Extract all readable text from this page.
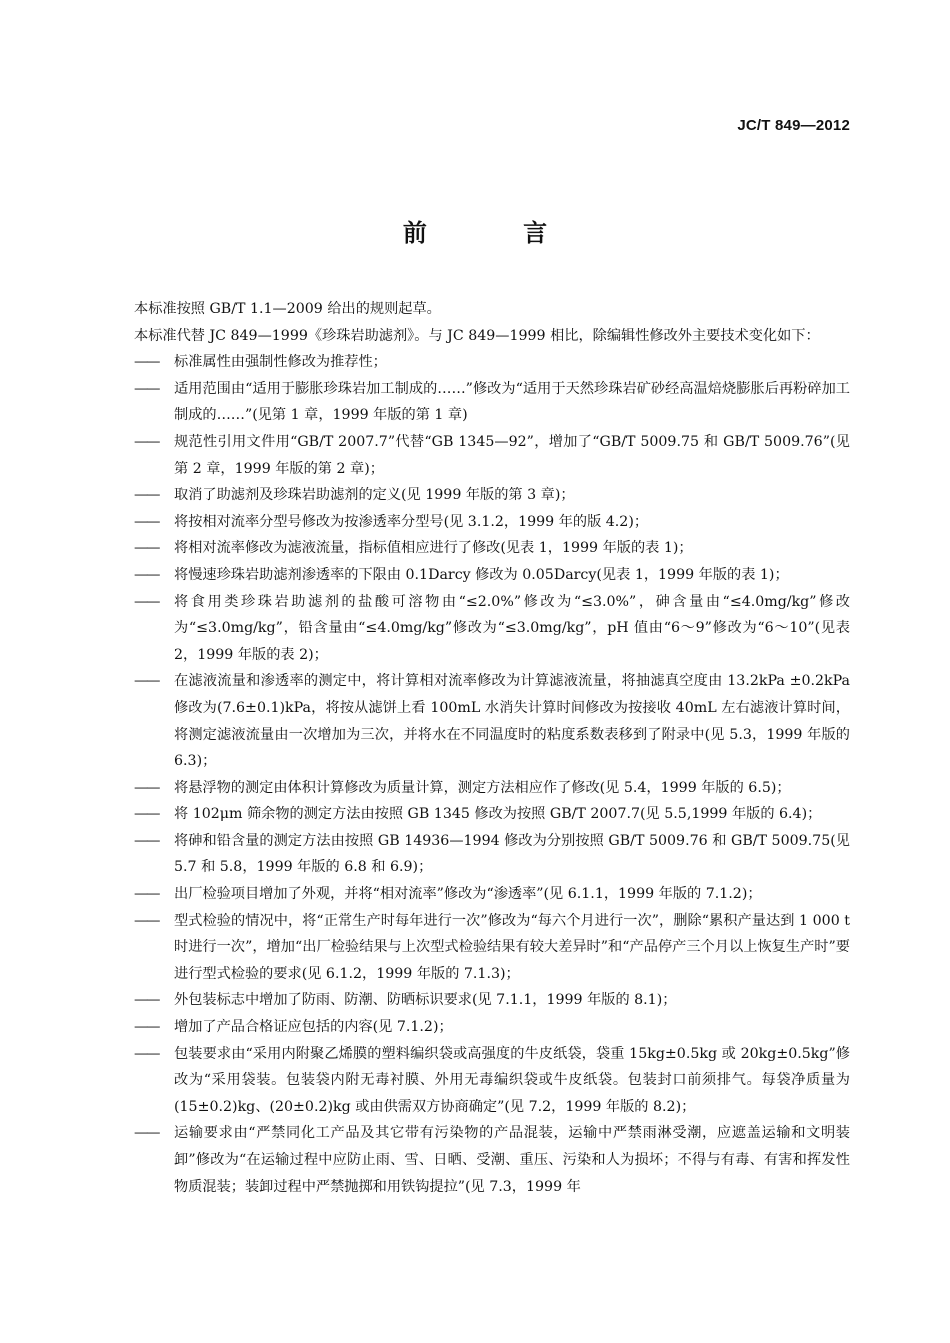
JC/T 849—2012
前 言

本标准按照 GB/T 1.1—2009 给出的规则起草。

本标准代替 JC 849—1999《珍珠岩助滤剂》。与 JC 849—1999 相比，除编辑性修改外主要技术变化如下：

—— 标准属性由强制性修改为推荐性；

—— 适用范围由“适用于膨胀珍珠岩加工制成的……”修改为“适用于天然珍珠岩矿砂经高温焙烧膨胀后再粉碎加工制成的……”(见第 1 章，1999 年版的第 1 章)

—— 规范性引用文件用“GB/T 2007.7”代替“GB 1345—92”，增加了“GB/T 5009.75 和 GB/T 5009.76”(见第 2 章，1999 年版的第 2 章)；

—— 取消了助滤剂及珍珠岩助滤剂的定义(见 1999 年版的第 3 章)；

—— 将按相对流率分型号修改为按渗透率分型号(见 3.1.2，1999 年的版 4.2)；

—— 将相对流率修改为滤液流量，指标值相应进行了修改(见表 1，1999 年版的表 1)；

—— 将慢速珍珠岩助滤剂渗透率的下限由 0.1Darcy 修改为 0.05Darcy(见表 1，1999 年版的表 1)；

—— 将食用类珍珠岩助滤剂的盐酸可溶物由“≤2.0%”修改为“≤3.0%”，砷含量由“≤4.0mg/kg”修改为“≤3.0mg/kg”，铅含量由“≤4.0mg/kg”修改为“≤3.0mg/kg”，pH 值由“6～9”修改为“6～10”(见表 2，1999 年版的表 2)；

—— 在滤液流量和渗透率的测定中，将计算相对流率修改为计算滤液流量，将抽滤真空度由 13.2kPa ±0.2kPa 修改为(7.6±0.1)kPa，将按从滤饼上看 100mL 水消失计算时间修改为按接收 40mL 左右滤液计算时间，将测定滤液流量由一次增加为三次，并将水在不同温度时的粘度系数表移到了附录中(见 5.3，1999 年版的 6.3)；

—— 将悬浮物的测定由体积计算修改为质量计算，测定方法相应作了修改(见 5.4，1999 年版的 6.5)；

—— 将 102μm 筛余物的测定方法由按照 GB 1345 修改为按照 GB/T 2007.7(见 5.5,1999 年版的 6.4)；

—— 将砷和铅含量的测定方法由按照 GB 14936—1994 修改为分别按照 GB/T 5009.76 和 GB/T 5009.75(见 5.7 和 5.8，1999 年版的 6.8 和 6.9)；

—— 出厂检验项目增加了外观，并将“相对流率”修改为“渗透率”(见 6.1.1，1999 年版的 7.1.2)；

—— 型式检验的情况中，将“正常生产时每年进行一次”修改为“每六个月进行一次”，删除“累积产量达到 1 000 t 时进行一次”，增加“出厂检验结果与上次型式检验结果有较大差异时”和“产品停产三个月以上恢复生产时”要进行型式检验的要求(见 6.1.2，1999 年版的 7.1.3)；

—— 外包装标志中增加了防雨、防潮、防晒标识要求(见 7.1.1，1999 年版的 8.1)；

—— 增加了产品合格证应包括的内容(见 7.1.2)；

—— 包装要求由“采用内附聚乙烯膜的塑料编织袋或高强度的牛皮纸袋，袋重 15kg±0.5kg 或 20kg±0.5kg”修改为“采用袋装。包装袋内附无毒衬膜、外用无毒编织袋或牛皮纸袋。包装封口前须排气。每袋净质量为(15±0.2)kg、(20±0.2)kg 或由供需双方协商确定”(见 7.2，1999 年版的 8.2)；

—— 运输要求由“严禁同化工产品及其它带有污染物的产品混装，运输中严禁雨淋受潮，应遮盖运输和文明装卸”修改为“在运输过程中应防止雨、雪、日晒、受潮、重压、污染和人为损坏；不得与有毒、有害和挥发性物质混装；装卸过程中严禁抛掷和用铁钩提拉”(见 7.3，1999 年
